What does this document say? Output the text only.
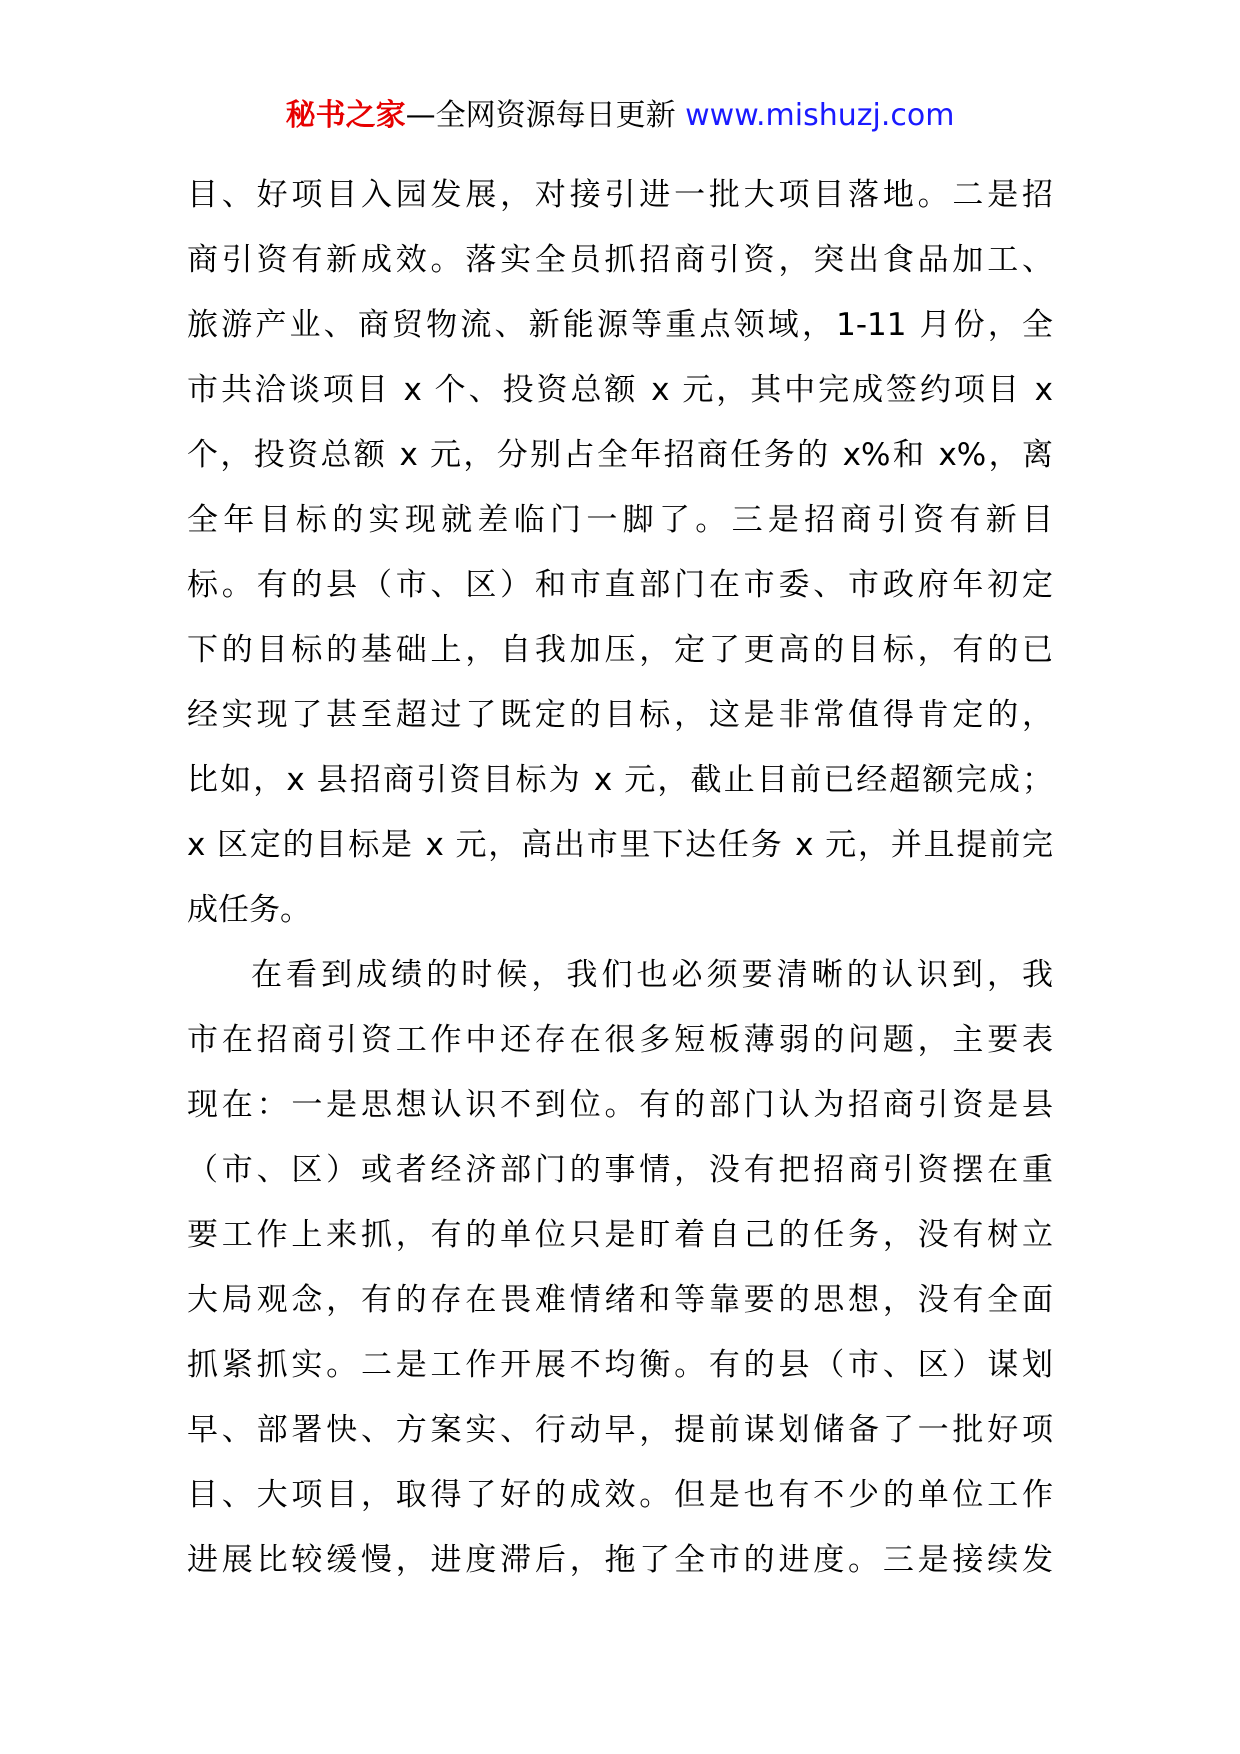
秘书之家—全网资源每日更新 www.mishuzj.com
目、好项目入园发展，对接引进一批大项目落地。二是招
商引资有新成效。落实全员抓招商引资，突出食品加工、
旅游产业、商贸物流、新能源等重点领域，1-11 月份，全
市共洽谈项目 x 个、投资总额 x 元，其中完成签约项目 x
个，投资总额 x 元，分别占全年招商任务的 x%和 x%，离
全年目标的实现就差临门一脚了。三是招商引资有新目
标。有的县（市、区）和市直部门在市委、市政府年初定
下的目标的基础上，自我加压，定了更高的目标，有的已
经实现了甚至超过了既定的目标，这是非常值得肯定的，
比如，x 县招商引资目标为 x 元，截止目前已经超额完成；
x 区定的目标是 x 元，高出市里下达任务 x 元，并且提前完
成任务。
在看到成绩的时候，我们也必须要清晰的认识到，我
市在招商引资工作中还存在很多短板薄弱的问题，主要表
现在：一是思想认识不到位。有的部门认为招商引资是县
（市、区）或者经济部门的事情，没有把招商引资摆在重
要工作上来抓，有的单位只是盯着自己的任务，没有树立
大局观念，有的存在畏难情绪和等靠要的思想，没有全面
抓紧抓实。二是工作开展不均衡。有的县（市、区）谋划
早、部署快、方案实、行动早，提前谋划储备了一批好项
目、大项目，取得了好的成效。但是也有不少的单位工作
进展比较缓慢，进度滞后，拖了全市的进度。三是接续发
